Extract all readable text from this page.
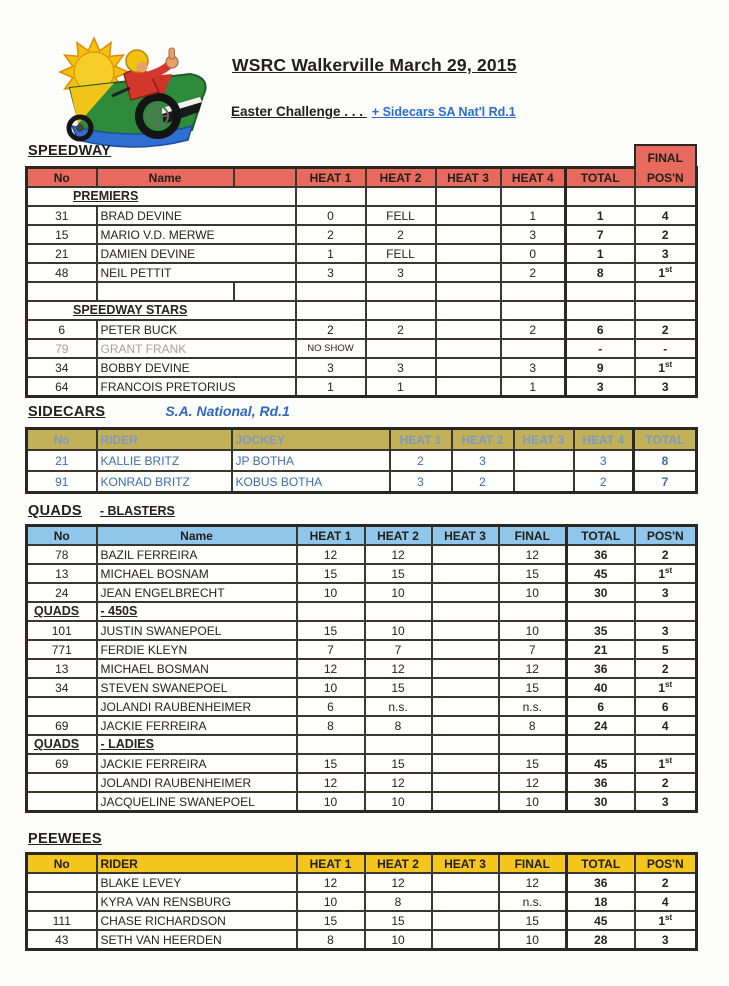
WSRC Walkerville March 29, 2015
Easter Challenge . . . + Sidecars SA Nat'l Rd.1
SPEEDWAY
No	Name		HEAT 1	HEAT 2	HEAT 3	HEAT 4	TOTAL	POS'N
FINAL

PREMIERS								
31	BRAD DEVINE		0	FELL		1	1	4
15	MARIO V.D. MERWE		2	2		3	7	2
21	DAMIEN DEVINE		1	FELL		0	1	3
48	NEIL PETTIT		3	3		2	8	1st

SPEEDWAY STARS								
6	PETER BUCK		2	2		2	6	2
79	GRANT FRANK		NO SHOW				-	-
34	BOBBY DEVINE		3	3		3	9	1st
64	FRANCOIS PRETORIUS		1	1		1	3	3
SIDECARS	S.A. National, Rd.1
No	RIDER	JOCKEY	HEAT 1	HEAT 2	HEAT 3	HEAT 4	TOTAL
21	KALLIE BRITZ	JP BOTHA	2	3		3	8
91	KONRAD BRITZ	KOBUS BOTHA	3	2		2	7
QUADS - BLASTERS
No	Name	HEAT 1	HEAT 2	HEAT 3	FINAL	TOTAL	POS'N
78	BAZIL FERREIRA	12	12		12	36	2
13	MICHAEL BOSNAM	15	15		15	45	1st
24	JEAN ENGELBRECHT	10	10		10	30	3
QUADS	- 450S						
101	JUSTIN SWANEPOEL	15	10		10	35	3
771	FERDIE KLEYN	7	7		7	21	5
13	MICHAEL BOSMAN	12	12		12	36	2
34	STEVEN SWANEPOEL	10	15		15	40	1st
	JOLANDI RAUBENHEIMER	6	n.s.		n.s.	6	6
69	JACKIE FERREIRA	8	8		8	24	4
QUADS	- LADIES						
69	JACKIE FERREIRA	15	15		15	45	1st
	JOLANDI RAUBENHEIMER	12	12		12	36	2
	JACQUELINE SWANEPOEL	10	10		10	30	3
PEEWEES
No	RIDER	HEAT 1	HEAT 2	HEAT 3	FINAL	TOTAL	POS'N
	BLAKE LEVEY	12	12		12	36	2
	KYRA VAN RENSBURG	10	8		n.s.	18	4
111	CHASE RICHARDSON	15	15		15	45	1st
43	SETH VAN HEERDEN	8	10		10	28	3
